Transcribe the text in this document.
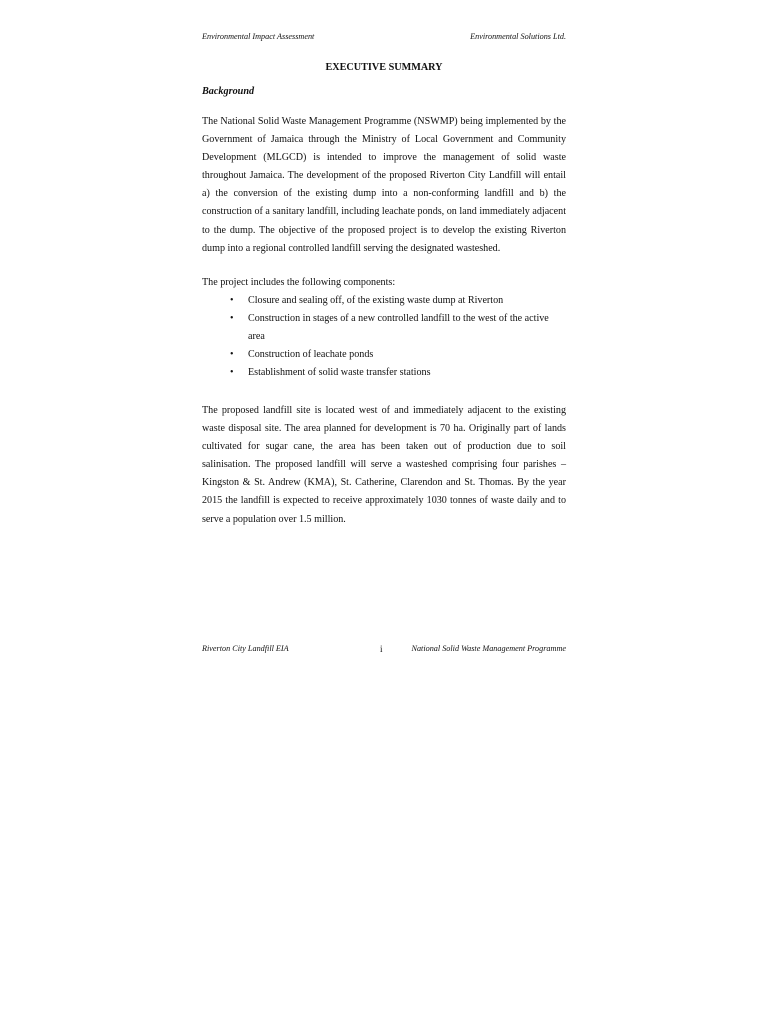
Environmental Impact Assessment	Environmental Solutions Ltd.
EXECUTIVE SUMMARY
Background

The National Solid Waste Management Programme (NSWMP) being implemented by the Government of Jamaica through the Ministry of Local Government and Community Development (MLGCD) is intended to improve the management of solid waste throughout Jamaica. The development of the proposed Riverton City Landfill will entail a) the conversion of the existing dump into a non-conforming landfill and b) the construction of a sanitary landfill, including leachate ponds, on land immediately adjacent to the dump. The objective of the proposed project is to develop the existing Riverton dump into a regional controlled landfill serving the designated wasteshed.

The project includes the following components:

• Closure and sealing off, of the existing waste dump at Riverton
• Construction in stages of a new controlled landfill to the west of the active area
• Construction of leachate ponds
• Establishment of solid waste transfer stations

The proposed landfill site is located west of and immediately adjacent to the existing waste disposal site. The area planned for development is 70 ha. Originally part of lands cultivated for sugar cane, the area has been taken out of production due to soil salinisation. The proposed landfill will serve a wasteshed comprising four parishes – Kingston & St. Andrew (KMA), St. Catherine, Clarendon and St. Thomas. By the year 2015 the landfill is expected to receive approximately 1030 tonnes of waste daily and to serve a population over 1.5 million.

Riverton City Landfill EIA	i	National Solid Waste Management Programme
